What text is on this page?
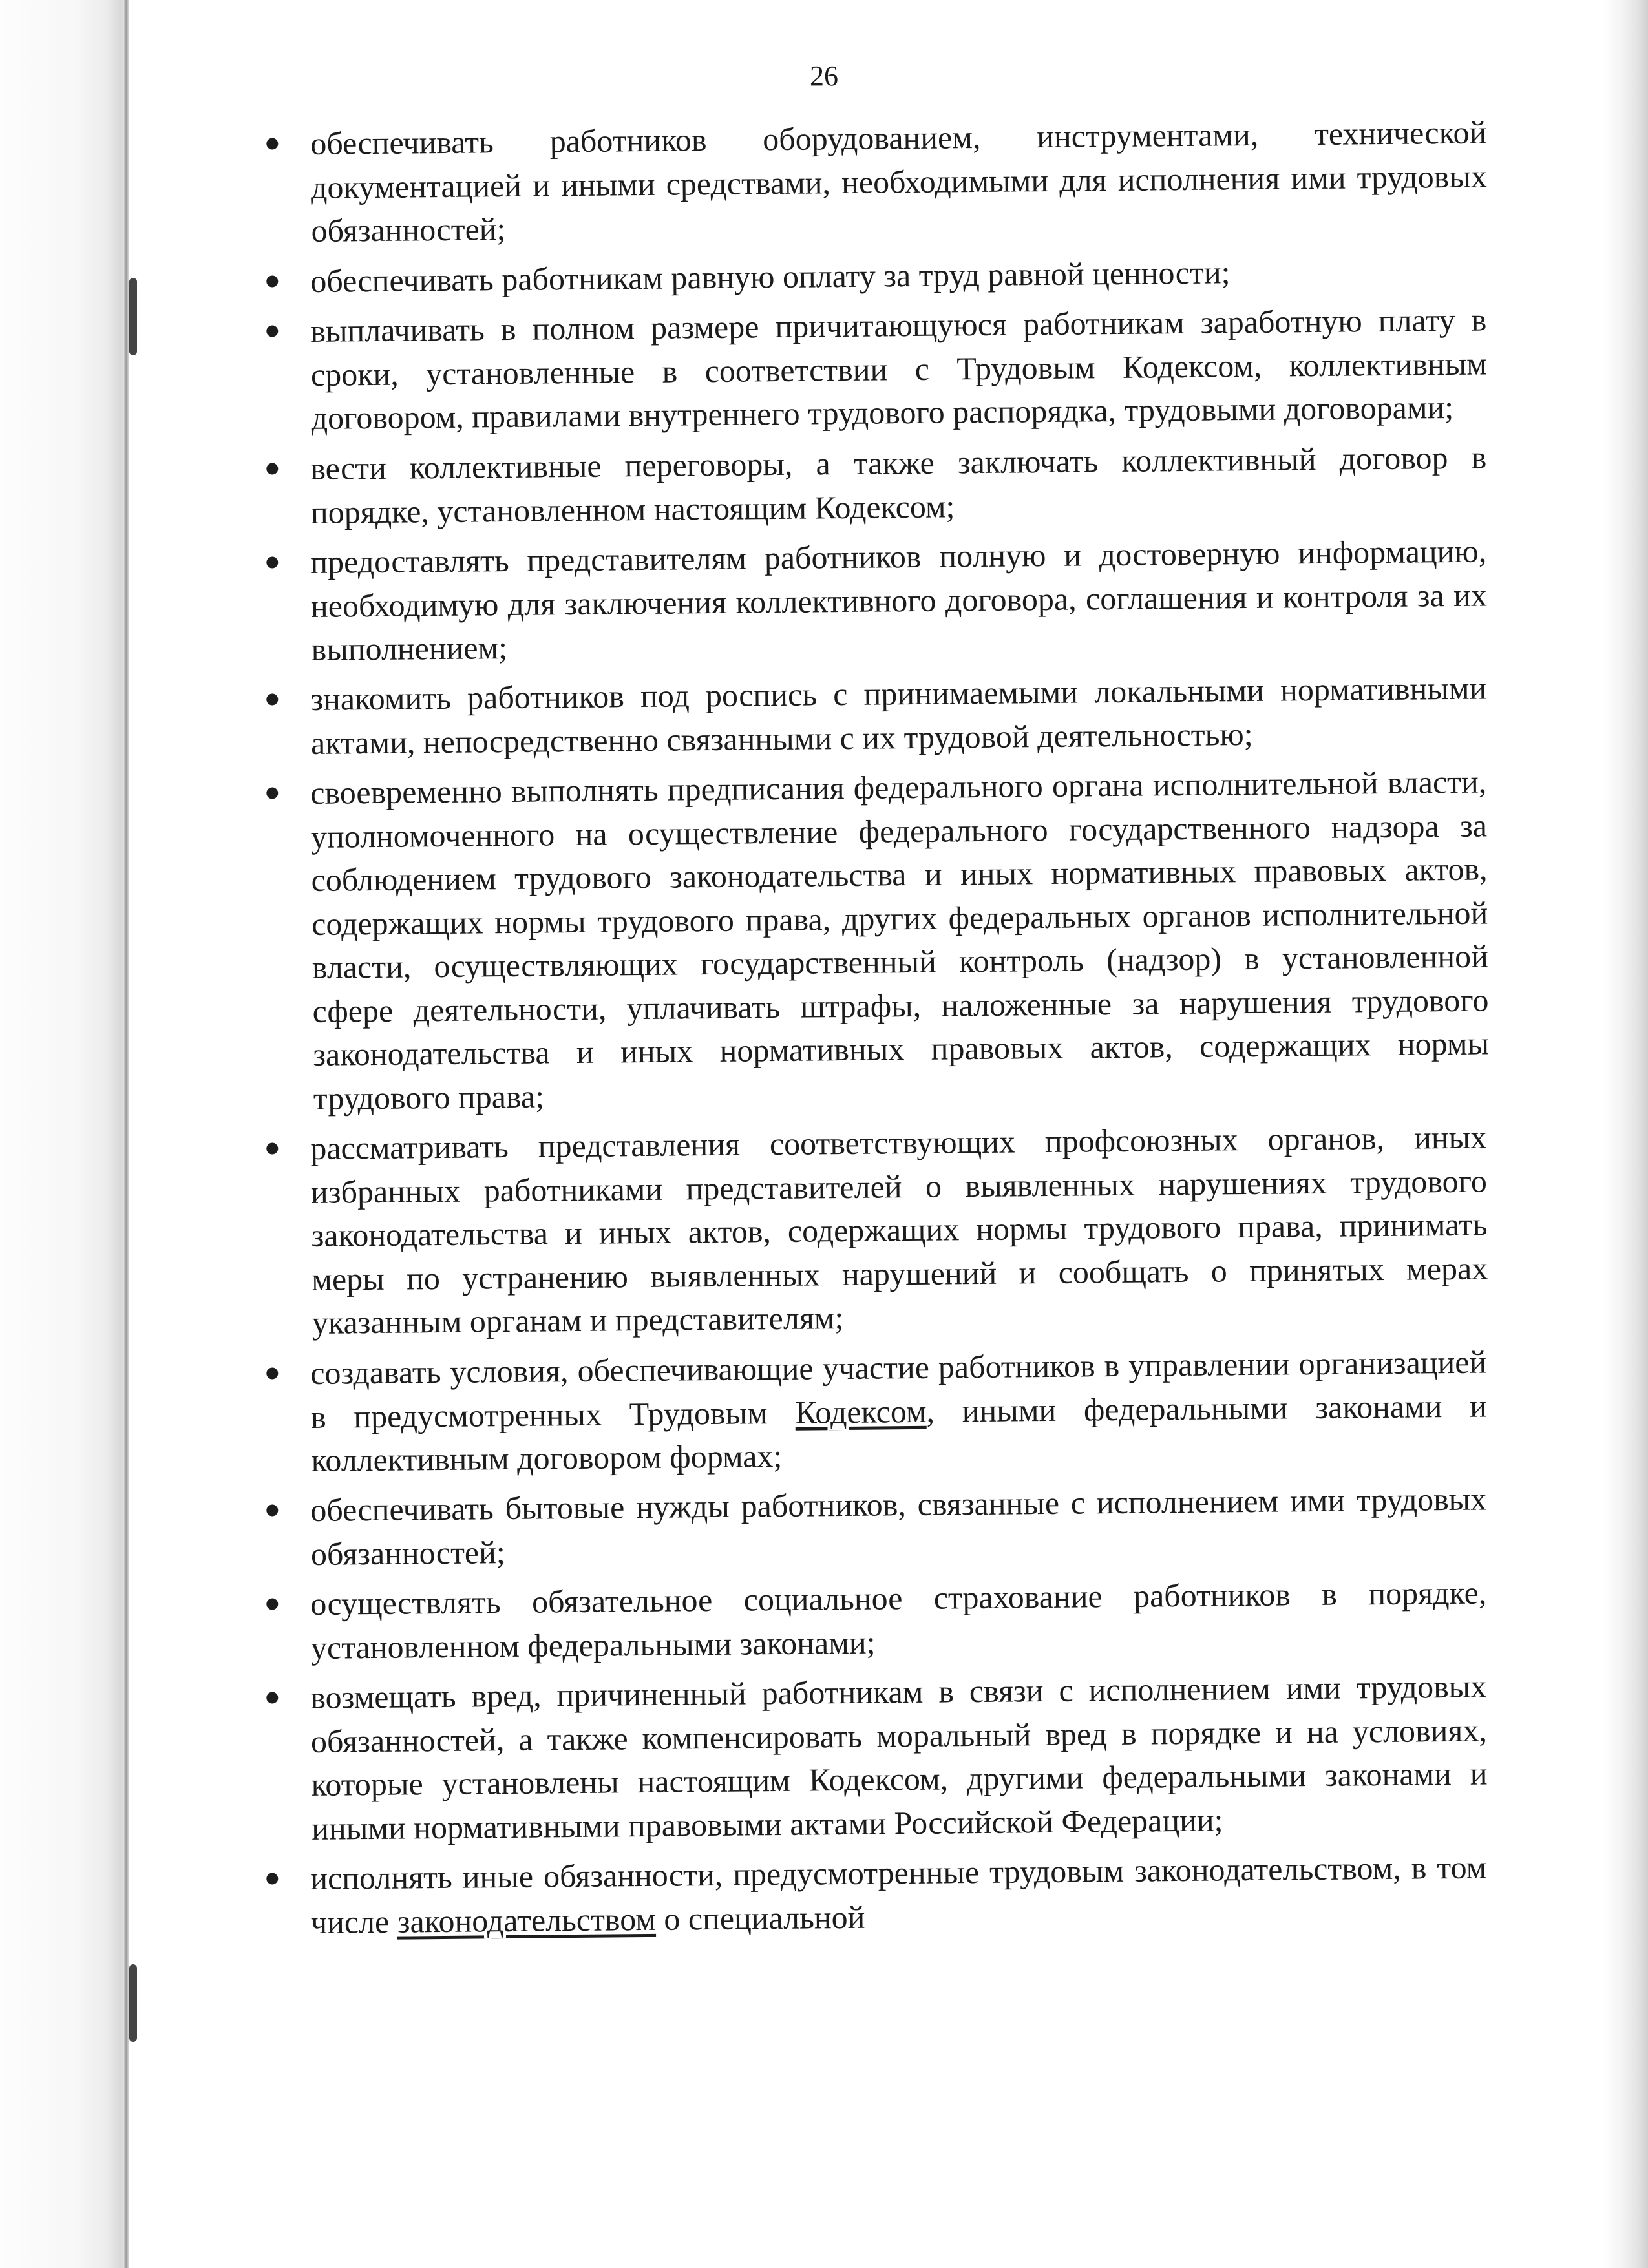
26
обеспечивать работников оборудованием, инструментами, технической документацией и иными средствами, необходимыми для исполнения ими трудовых обязанностей;
обеспечивать работникам равную оплату за труд равной ценности;
выплачивать в полном размере причитающуюся работникам заработную плату в сроки, установленные в соответствии с Трудовым Кодексом, коллективным договором, правилами внутреннего трудового распорядка, трудовыми договорами;
вести коллективные переговоры, а также заключать коллективный договор в порядке, установленном настоящим Кодексом;
предоставлять представителям работников полную и достоверную информацию, необходимую для заключения коллективного договора, соглашения и контроля за их выполнением;
знакомить работников под роспись с принимаемыми локальными нормативными актами, непосредственно связанными с их трудовой деятельностью;
своевременно выполнять предписания федерального органа исполнительной власти, уполномоченного на осуществление федерального государственного надзора за соблюдением трудового законодательства и иных нормативных правовых актов, содержащих нормы трудового права, других федеральных органов исполнительной власти, осуществляющих государственный контроль (надзор) в установленной сфере деятельности, уплачивать штрафы, наложенные за нарушения трудового законодательства и иных нормативных правовых актов, содержащих нормы трудового права;
рассматривать представления соответствующих профсоюзных органов, иных избранных работниками представителей о выявленных нарушениях трудового законодательства и иных актов, содержащих нормы трудового права, принимать меры по устранению выявленных нарушений и сообщать о принятых мерах указанным органам и представителям;
создавать условия, обеспечивающие участие работников в управлении организацией в предусмотренных Трудовым Кодексом, иными федеральными законами и коллективным договором формах;
обеспечивать бытовые нужды работников, связанные с исполнением ими трудовых обязанностей;
осуществлять обязательное социальное страхование работников в порядке, установленном федеральными законами;
возмещать вред, причиненный работникам в связи с исполнением ими трудовых обязанностей, а также компенсировать моральный вред в порядке и на условиях, которые установлены настоящим Кодексом, другими федеральными законами и иными нормативными правовыми актами Российской Федерации;
исполнять иные обязанности, предусмотренные трудовым законодательством, в том числе законодательством о специальной
